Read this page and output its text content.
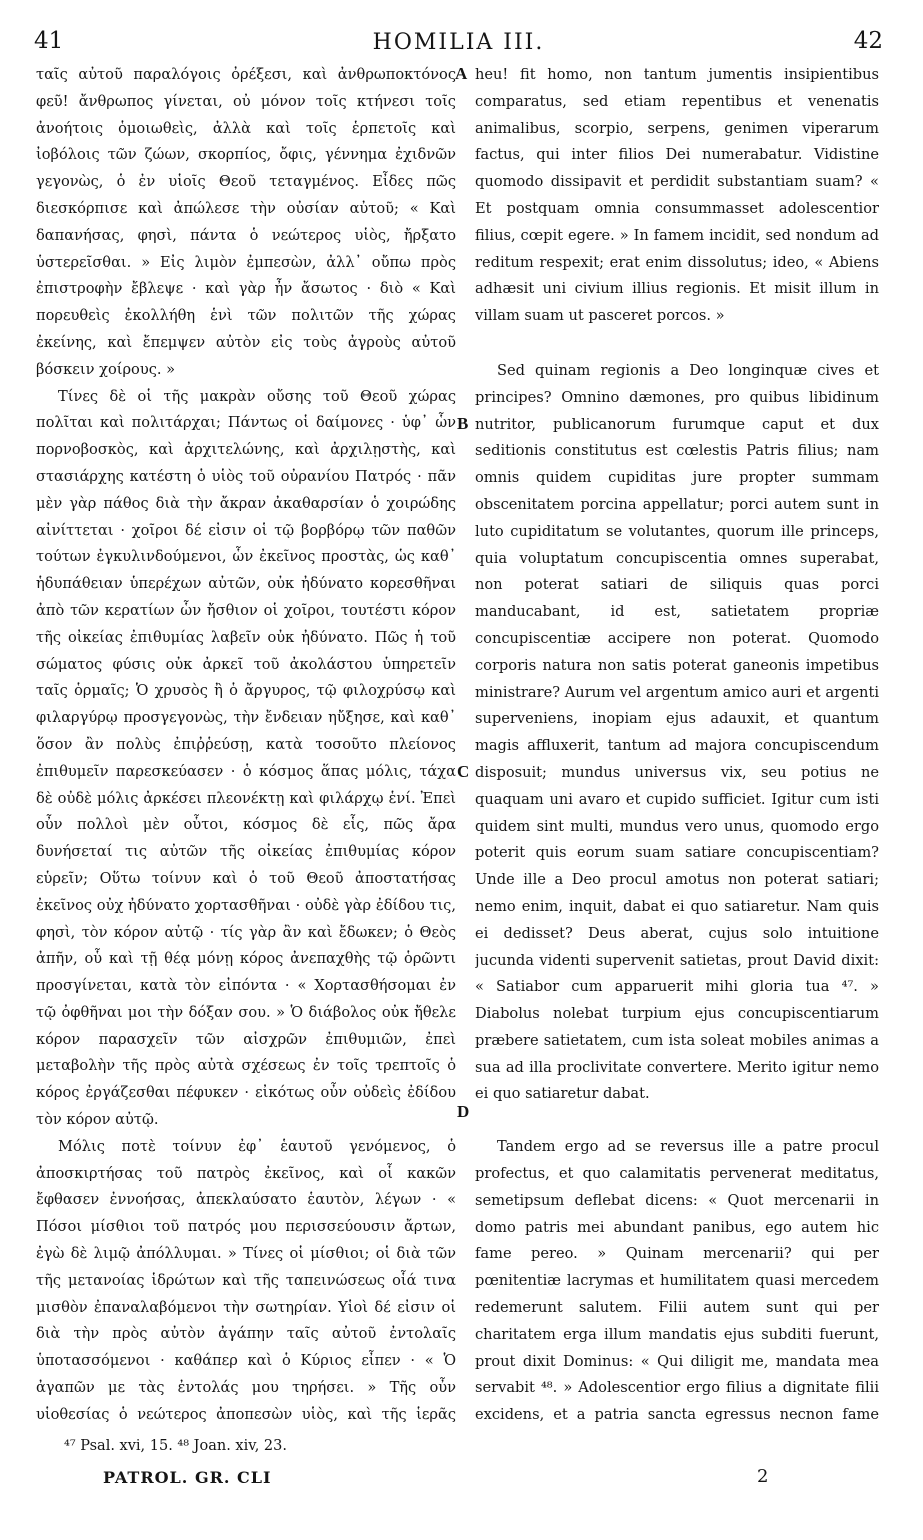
41	HOMILIA III.	42

ταῖς αὐτοῦ παραλόγοις ὀρέξεσι, καὶ ἀνθρωποκτόνος φεῦ! ἄνθρωπος γίνεται, οὐ μόνον τοῖς κτήνεσι τοῖς ἀνοήτοις ὁμοιωθεὶς, ἀλλὰ καὶ τοῖς ἑρπετοῖς καὶ ἰοβόλοις τῶν ζώων, σκορπίος, ὄφις, γέννημα ἐχιδνῶν γεγονὼς, ὁ ἐν υἱοῖς Θεοῦ τεταγμένος. Εἶδες πῶς διεσκόρπισε καὶ ἀπώλεσε τὴν οὐσίαν αὐτοῦ; « Καὶ δαπανήσας, φησὶ, πάντα ὁ νεώτερος υἱὸς, ἤρξατο ὑστερεῖσθαι. » Εἰς λιμὸν ἐμπεσὼν, ἀλλ᾽ οὔπω πρὸς ἐπιστροφὴν ἔβλεψε · καὶ γὰρ ἦν ἄσωτος · διὸ « Καὶ πορευθεὶς ἐκολλήθη ἑνὶ τῶν πολιτῶν τῆς χώρας ἐκείνης, καὶ ἔπεμψεν αὐτὸν εἰς τοὺς ἀγροὺς αὐτοῦ βόσκειν χοίρους. »

Τίνες δὲ οἱ τῆς μακρὰν οὔσης τοῦ Θεοῦ χώρας πολῖται καὶ πολιτάρχαι; Πάντως οἱ δαίμονες · ὑφ᾽ ὧν πορνοβοσκὸς, καὶ ἀρχιτελώνης, καὶ ἀρχιλῃστὴς, καὶ στασιάρχης κατέστη ὁ υἱὸς τοῦ οὐρανίου Πατρός · πᾶν μὲν γὰρ πάθος διὰ τὴν ἄκραν ἀκαθαρσίαν ὁ χοιρώδης αἰνίττεται · χοῖροι δέ εἰσιν οἱ τῷ βορβόρῳ τῶν παθῶν τούτων ἐγκυλινδούμενοι, ὧν ἐκεῖνος προστὰς, ὡς καθ᾽ ἡδυπάθειαν ὑπερέχων αὐτῶν, οὐκ ἠδύνατο κορεσθῆναι ἀπὸ τῶν κερατίων ὧν ἤσθιον οἱ χοῖροι, τουτέστι κόρον τῆς οἰκείας ἐπιθυμίας λαβεῖν οὐκ ἠδύνατο. Πῶς ἡ τοῦ σώματος φύσις οὐκ ἀρκεῖ τοῦ ἀκολάστου ὑπηρετεῖν ταῖς ὁρμαῖς; Ὁ χρυσὸς ἢ ὁ ἄργυρος, τῷ φιλοχρύσῳ καὶ φιλαργύρῳ προσγεγονὼς, τὴν ἔνδειαν ηὔξησε, καὶ καθ᾽ ὅσον ἂν πολὺς ἐπιῤῥεύσῃ, κατὰ τοσοῦτο πλείονος ἐπιθυμεῖν παρεσκεύασεν · ὁ κόσμος ἅπας μόλις, τάχα δὲ οὐδὲ μόλις ἀρκέσει πλεονέκτῃ καὶ φιλάρχῳ ἑνί. Ἐπεὶ οὖν πολλοὶ μὲν οὗτοι, κόσμος δὲ εἷς, πῶς ἄρα δυνήσεταί τις αὐτῶν τῆς οἰκείας ἐπιθυμίας κόρον εὑρεῖν; Οὕτω τοίνυν καὶ ὁ τοῦ Θεοῦ ἀποστατήσας ἐκεῖνος οὐχ ἠδύνατο χορτασθῆναι · οὐδὲ γὰρ ἐδίδου τις, φησὶ, τὸν κόρον αὐτῷ · τίς γὰρ ἂν καὶ ἔδωκεν; ὁ Θεὸς ἀπῆν, οὗ καὶ τῇ θέᾳ μόνῃ κόρος ἀνεπαχθὴς τῷ ὁρῶντι προσγίνεται, κατὰ τὸν εἰπόντα · « Χορτασθήσομαι ἐν τῷ ὀφθῆναι μοι τὴν δόξαν σου. » Ὁ διάβολος οὐκ ἤθελε κόρον παρασχεῖν τῶν αἰσχρῶν ἐπιθυμιῶν, ἐπεὶ μεταβολὴν τῆς πρὸς αὐτὰ σχέσεως ἐν τοῖς τρεπτοῖς ὁ κόρος ἐργάζεσθαι πέφυκεν · εἰκότως οὖν οὐδεὶς ἐδίδου τὸν κόρον αὐτῷ.

Μόλις ποτὲ τοίνυν ἐφ᾽ ἑαυτοῦ γενόμενος, ὁ ἀποσκιρτήσας τοῦ πατρὸς ἐκεῖνος, καὶ οἷ κακῶν ἔφθασεν ἐννοήσας, ἀπεκλαύσατο ἑαυτὸν, λέγων · « Πόσοι μίσθιοι τοῦ πατρός μου περισσεύουσιν ἄρτων, ἐγὼ δὲ λιμῷ ἀπόλλυμαι. » Τίνες οἱ μίσθιοι; οἱ διὰ τῶν τῆς μετανοίας ἱδρώτων καὶ τῆς ταπεινώσεως οἷά τινα μισθὸν ἐπαναλαβόμενοι τὴν σωτηρίαν. Υἱοὶ δέ εἰσιν οἱ διὰ τὴν πρὸς αὐτὸν ἀγάπην ταῖς αὐτοῦ ἐντολαῖς ὑποτασσόμενοι · καθάπερ καὶ ὁ Κύριος εἶπεν · « Ὁ ἀγαπῶν με τὰς ἐντολάς μου τηρήσει. » Τῆς οὖν υἱοθεσίας ὁ νεώτερος ἀποπεσὼν υἱὸς, καὶ τῆς ἱερᾶς

A
B
C
D

heu! fit homo, non tantum jumentis insipientibus comparatus, sed etiam repentibus et venenatis animalibus, scorpio, serpens, genimen viperarum factus, qui inter filios Dei numerabatur. Vidistine quomodo dissipavit et perdidit substantiam suam? « Et postquam omnia consummasset adolescentior filius, cœpit egere. » In famem incidit, sed nondum ad reditum respexit; erat enim dissolutus; ideo, « Abiens adhæsit uni civium illius regionis. Et misit illum in villam suam ut pasceret porcos. »

Sed quinam regionis a Deo longinquæ cives et principes? Omnino dæmones, pro quibus libidinum nutritor, publicanorum furumque caput et dux seditionis constitutus est cœlestis Patris filius; nam omnis quidem cupiditas jure propter summam obscenitatem porcina appellatur; porci autem sunt in luto cupiditatum se volutantes, quorum ille princeps, quia voluptatum concupiscentia omnes superabat, non poterat satiari de siliquis quas porci manducabant, id est, satietatem propriæ concupiscentiæ accipere non poterat. Quomodo corporis natura non satis poterat ganeonis impetibus ministrare? Aurum vel argentum amico auri et argenti superveniens, inopiam ejus adauxit, et quantum magis affluxerit, tantum ad majora concupiscendum disposuit; mundus universus vix, seu potius ne quaquam uni avaro et cupido sufficiet. Igitur cum isti quidem sint multi, mundus vero unus, quomodo ergo poterit quis eorum suam satiare concupiscentiam? Unde ille a Deo procul amotus non poterat satiari; nemo enim, inquit, dabat ei quo satiaretur. Nam quis ei dedisset? Deus aberat, cujus solo intuitione jucunda videnti supervenit satietas, prout David dixit: « Satiabor cum apparuerit mihi gloria tua ⁴⁷. » Diabolus nolebat turpium ejus concupiscentiarum præbere satietatem, cum ista soleat mobiles animas a sua ad illa proclivitate convertere. Merito igitur nemo ei quo satiaretur dabat.

Tandem ergo ad se reversus ille a patre procul profectus, et quo calamitatis pervenerat meditatus, semetipsum deflebat dicens: « Quot mercenarii in domo patris mei abundant panibus, ego autem hic fame pereo. » Quinam mercenarii? qui per pœnitentiæ lacrymas et humilitatem quasi mercedem redemerunt salutem. Filii autem sunt qui per charitatem erga illum mandatis ejus subditi fuerunt, prout dixit Dominus: « Qui diligit me, mandata mea servabit ⁴⁸. » Adolescentior ergo filius a dignitate filii excidens, et a patria sancta egressus necnon fame

⁴⁷ Psal. xvi, 15. ⁴⁸ Joan. xiv, 23.
PATROL. GR. CLI	2
